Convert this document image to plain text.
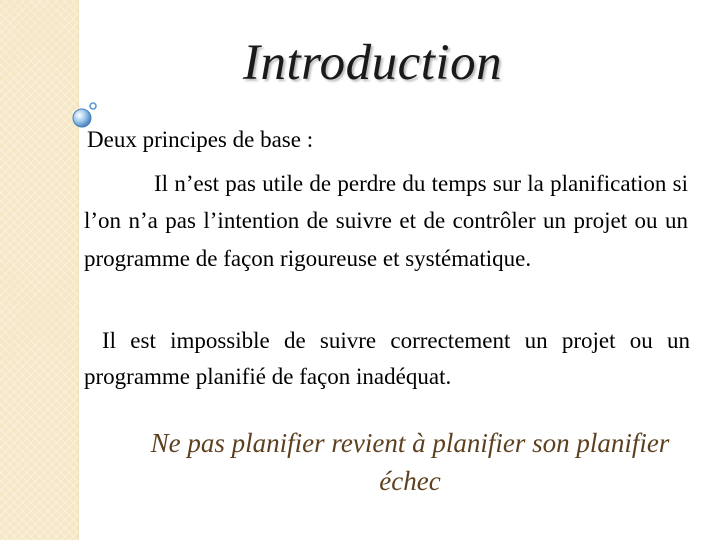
Introduction

Deux principes de base :

Il n’est pas utile de perdre du temps sur la planification si l’on n’a pas l’intention de suivre et de contrôler un projet ou un programme de façon rigoureuse et systématique.

Il est impossible de suivre correctement un projet ou un programme planifié de façon inadéquat.

Ne pas planifier revient à planifier son planifier échec
